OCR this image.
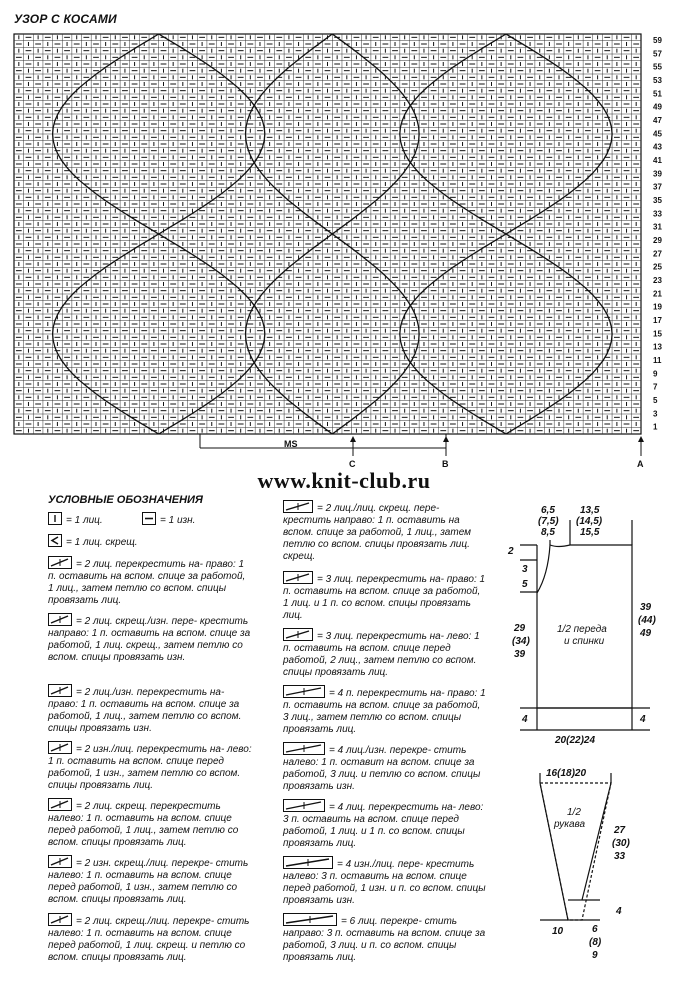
УЗОР С КОСАМИ
59
57
55
53
51
49
47
45
43
41
39
37
35
33
31
29
27
25
23
21
19
17
15
13
11
9
7
5
3
1
MS
C	B	A
www.knit-club.ru
УСЛОВНЫЕ ОБОЗНАЧЕНИЯ
= 1 лиц.	= 1 изн.
= 1 лиц. скрещ.
= 2 лиц. перекрестить на- право: 1 п. оставить на вспом. спице за работой, 1 лиц., затем петлю со вспом. спицы провязать лиц.
= 2 лиц. скрещ./изн. пере- крестить направо: 1 п. оставить на вспом. спице за работой, 1 лиц. скрещ., затем петлю со вспом. спицы провязать изн.
= 2 лиц./изн. перекрестить на- право: 1 п. оставить на вспом. спице за работой, 1 лиц., затем петлю со вспом. спицы провязать изн.
= 2 изн./лиц. перекрестить на- лево: 1 п. оставить на вспом. спице перед работой, 1 изн., затем петлю со вспом. спицы провязать лиц.
= 2 лиц. скрещ. перекрестить налево: 1 п. оставить на вспом. спице перед работой, 1 лиц., затем петлю со вспом. спицы провязать лиц.
= 2 изн. скрещ./лиц. перекре- стить налево: 1 п. оставить на вспом. спице перед работой, 1 изн., затем петлю со вспом. спицы провязать лиц.
= 2 лиц. скрещ./лиц. перекре- стить налево: 1 п. оставить на вспом. спице перед работой, 1 лиц. скрещ. и петлю со вспом. спицы провязать лиц.
= 2 лиц./лиц. скрещ. пере- крестить направо: 1 п. оставить на вспом. спице за работой, 1 лиц., затем петлю со вспом. спицы провязать лиц. скрещ.
= 3 лиц. перекрестить на- право: 1 п. оставить на вспом. спице за работой, 1 лиц. и 1 п. со вспом. спицы провязать лиц.
= 3 лиц. перекрестить на- лево: 1 п. оставить на вспом. спице перед работой, 2 лиц., затем петлю со вспом. спицы провязать лиц.
= 4 п. перекрестить на- право: 1 п. оставить на вспом. спице за работой, 3 лиц., затем петлю со вспом. спицы провязать лиц.
= 4 лиц./изн. перекре- стить налево: 1 п. оставит на вспом. спице за работой, 3 лиц. и петлю со вспом. спицы провязать изн.
= 4 лиц. перекрестить на- лево: 3 п. оставить на вспом. спице перед работой, 1 лиц. и 1 п. со вспом. спицы провязать лиц.
= 4 изн./лиц. пере- крестить налево: 3 п. оставить на вспом. спице перед работой, 1 изн. и п. со вспом. спицы провязать изн.
= 6 лиц. перекре- стить направо: 3 п. оставить на вспом. спице за работой, 3 лиц. и п. со вспом. спицы провязать лиц.
6,5
(7,5)
8,5
13,5
(14,5)
15,5
2
3
5
29
(34)
39
39
(44)
49
1/2 переда
и спинки
4	4
20(22)24
16(18)20
1/2
рукава
27
(30)
33
4
10	6
(8)
9
